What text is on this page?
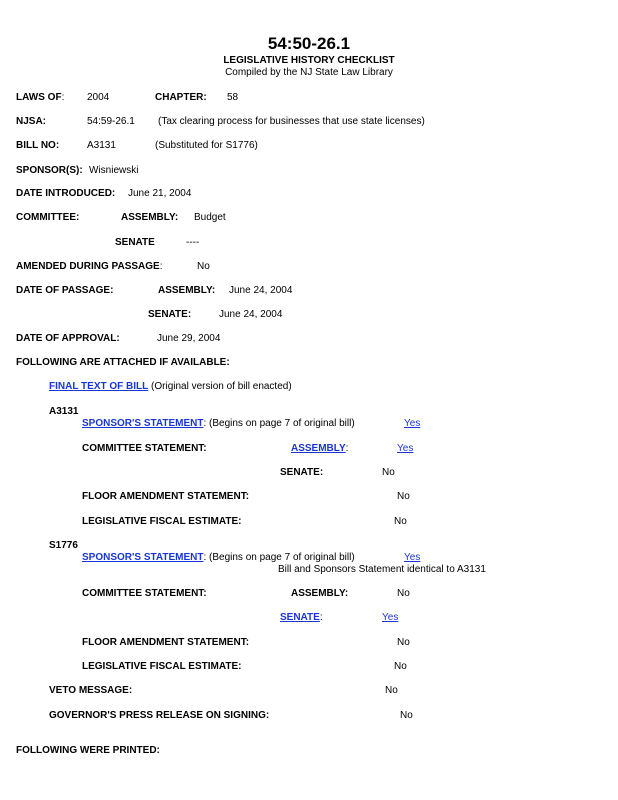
54:50-26.1
LEGISLATIVE HISTORY CHECKLIST
Compiled by the NJ State Law Library
LAWS OF: 2004	CHAPTER: 58
NJSA:	54:59-26.1 (Tax clearing process for businesses that use state licenses)
BILL NO:	A3131	(Substituted for S1776)
SPONSOR(S): Wisniewski
DATE INTRODUCED: June 21, 2004
COMMITTEE:	ASSEMBLY: Budget
SENATE	----
AMENDED DURING PASSAGE:	No
DATE OF PASSAGE:	ASSEMBLY: June 24, 2004
SENATE:	June 24, 2004
DATE OF APPROVAL:	June 29, 2004
FOLLOWING ARE ATTACHED IF AVAILABLE:
FINAL TEXT OF BILL (Original version of bill enacted)
A3131
SPONSOR'S STATEMENT: (Begins on page 7 of original bill)	Yes
COMMITTEE STATEMENT:	ASSEMBLY:	Yes
SENATE:	No
FLOOR AMENDMENT STATEMENT:	No
LEGISLATIVE FISCAL ESTIMATE:	No
S1776
SPONSOR'S STATEMENT: (Begins on page 7 of original bill)	Yes
Bill and Sponsors Statement identical to A3131
COMMITTEE STATEMENT:	ASSEMBLY:	No
SENATE:	Yes
FLOOR AMENDMENT STATEMENT:	No
LEGISLATIVE FISCAL ESTIMATE:	No
VETO MESSAGE:	No
GOVERNOR'S PRESS RELEASE ON SIGNING:	No
FOLLOWING WERE PRINTED:
